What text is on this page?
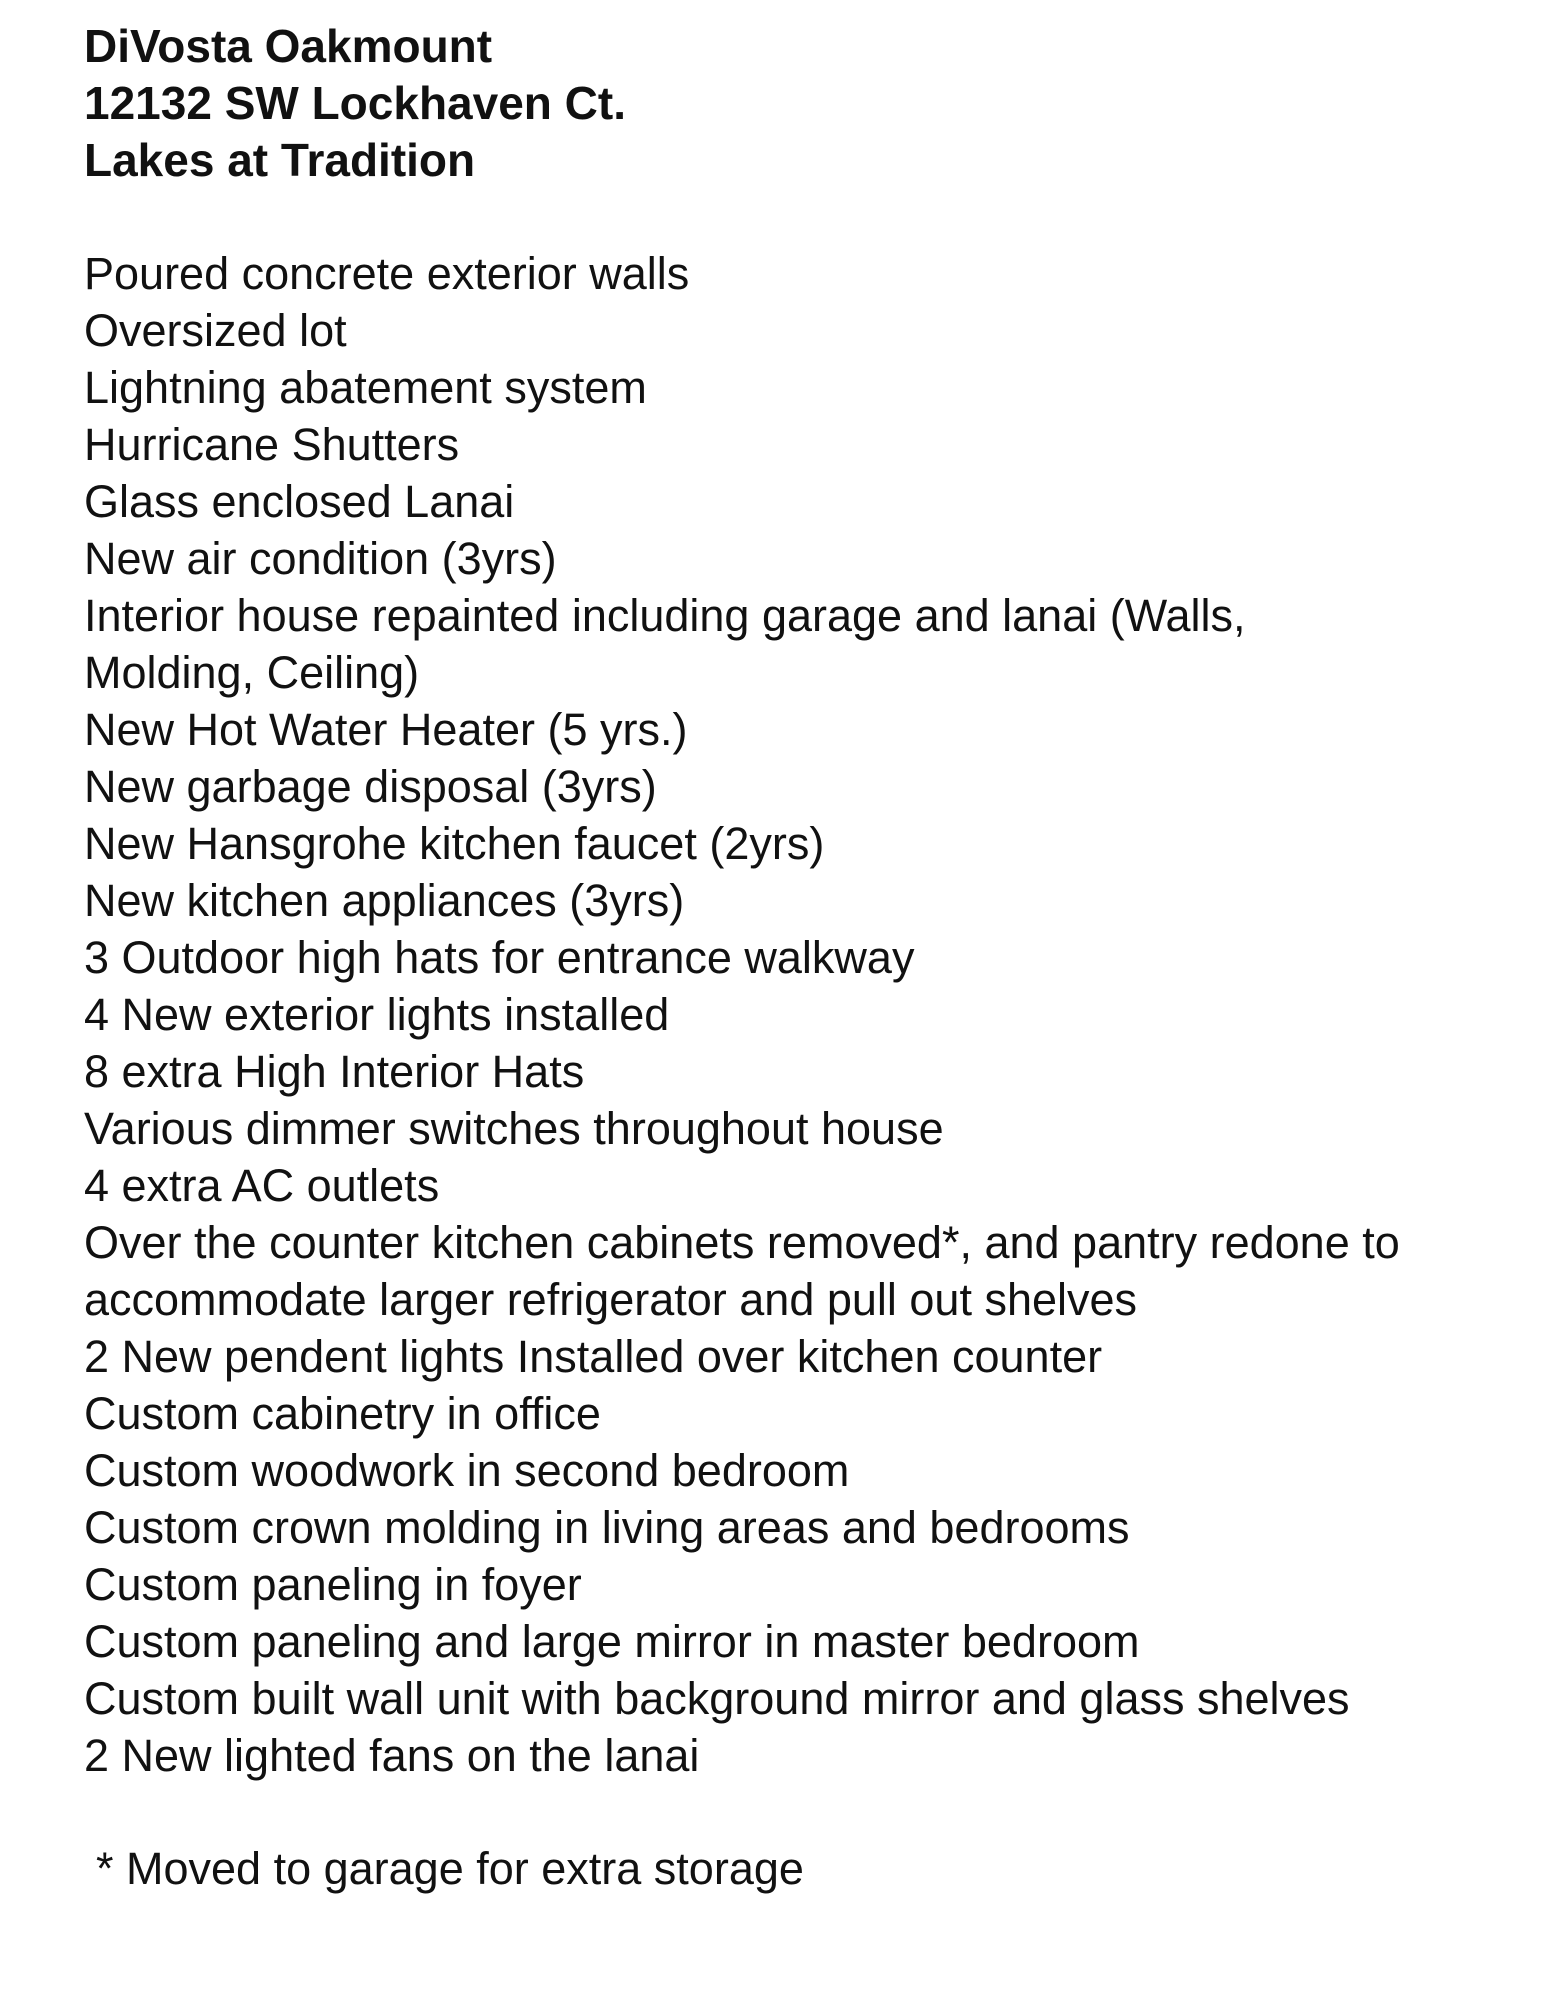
DiVosta Oakmount

12132 SW Lockhaven Ct.

Lakes at Tradition

Poured concrete exterior walls
Oversized lot
Lightning abatement system
Hurricane Shutters
Glass enclosed Lanai
New air condition (3yrs)
Interior house repainted including garage and lanai (Walls,
Molding, Ceiling)
New Hot Water Heater (5 yrs.)
New garbage disposal (3yrs)
New Hansgrohe kitchen faucet (2yrs)
New kitchen appliances (3yrs)
3 Outdoor high hats for entrance walkway
4 New exterior lights installed
8 extra High Interior Hats
Various dimmer switches throughout house
4 extra AC outlets
Over the counter kitchen cabinets removed*, and pantry redone to
accommodate larger refrigerator and pull out shelves
2 New pendent lights Installed over kitchen counter
Custom cabinetry in office
Custom woodwork in second bedroom
Custom crown molding in living areas and bedrooms
Custom paneling in foyer
Custom paneling and large mirror in master bedroom
Custom built wall unit with background mirror and glass shelves
2 New lighted fans on the lanai
* Moved to garage for extra storage
